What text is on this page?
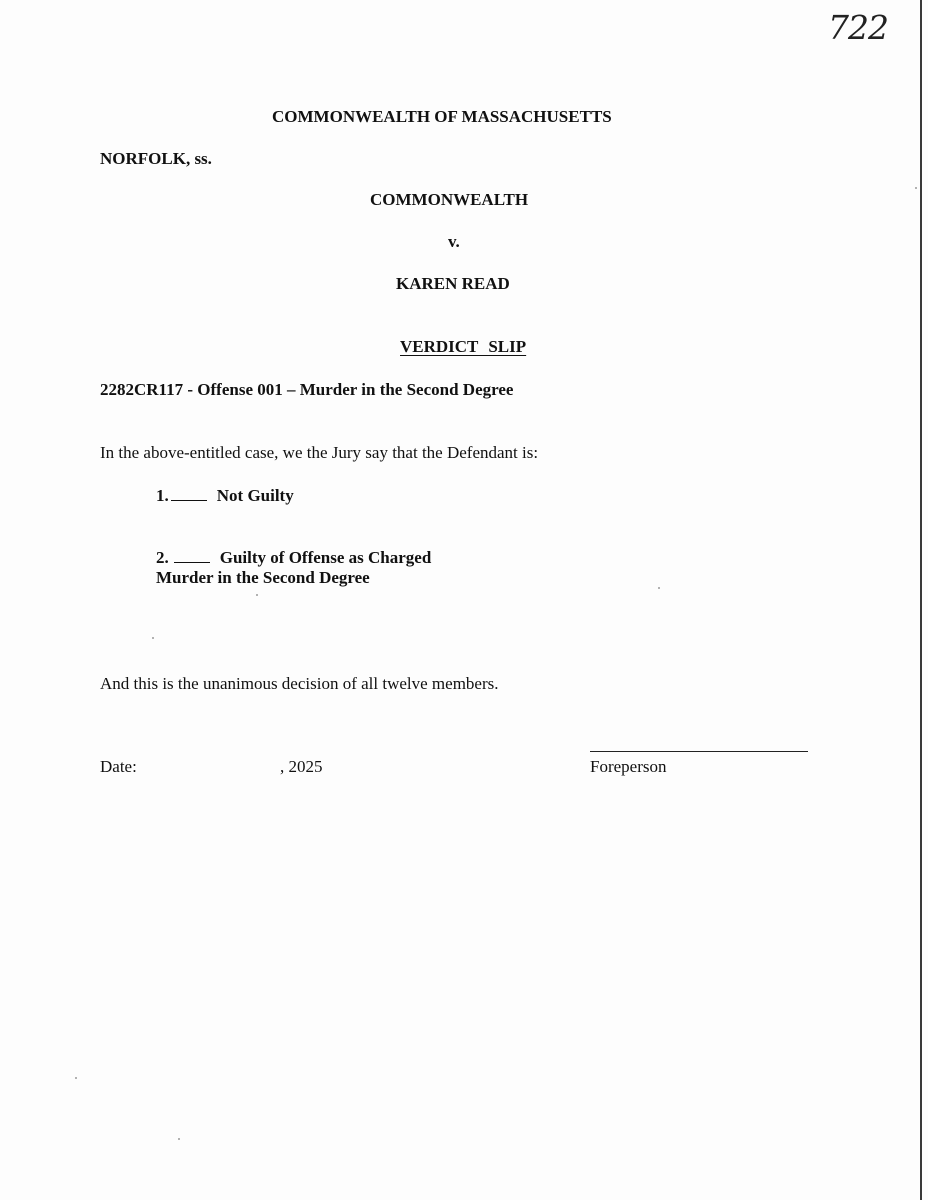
722
COMMONWEALTH OF MASSACHUSETTS
NORFOLK, ss.
COMMONWEALTH
v.
KAREN READ
VERDICT SLIP
2282CR117 - Offense 001 – Murder in the Second Degree
In the above-entitled case, we the Jury say that the Defendant is:
1.	Not Guilty
2.	Guilty of Offense as Charged
Murder in the Second Degree
And this is the unanimous decision of all twelve members.
Date:	, 2025	Foreperson
